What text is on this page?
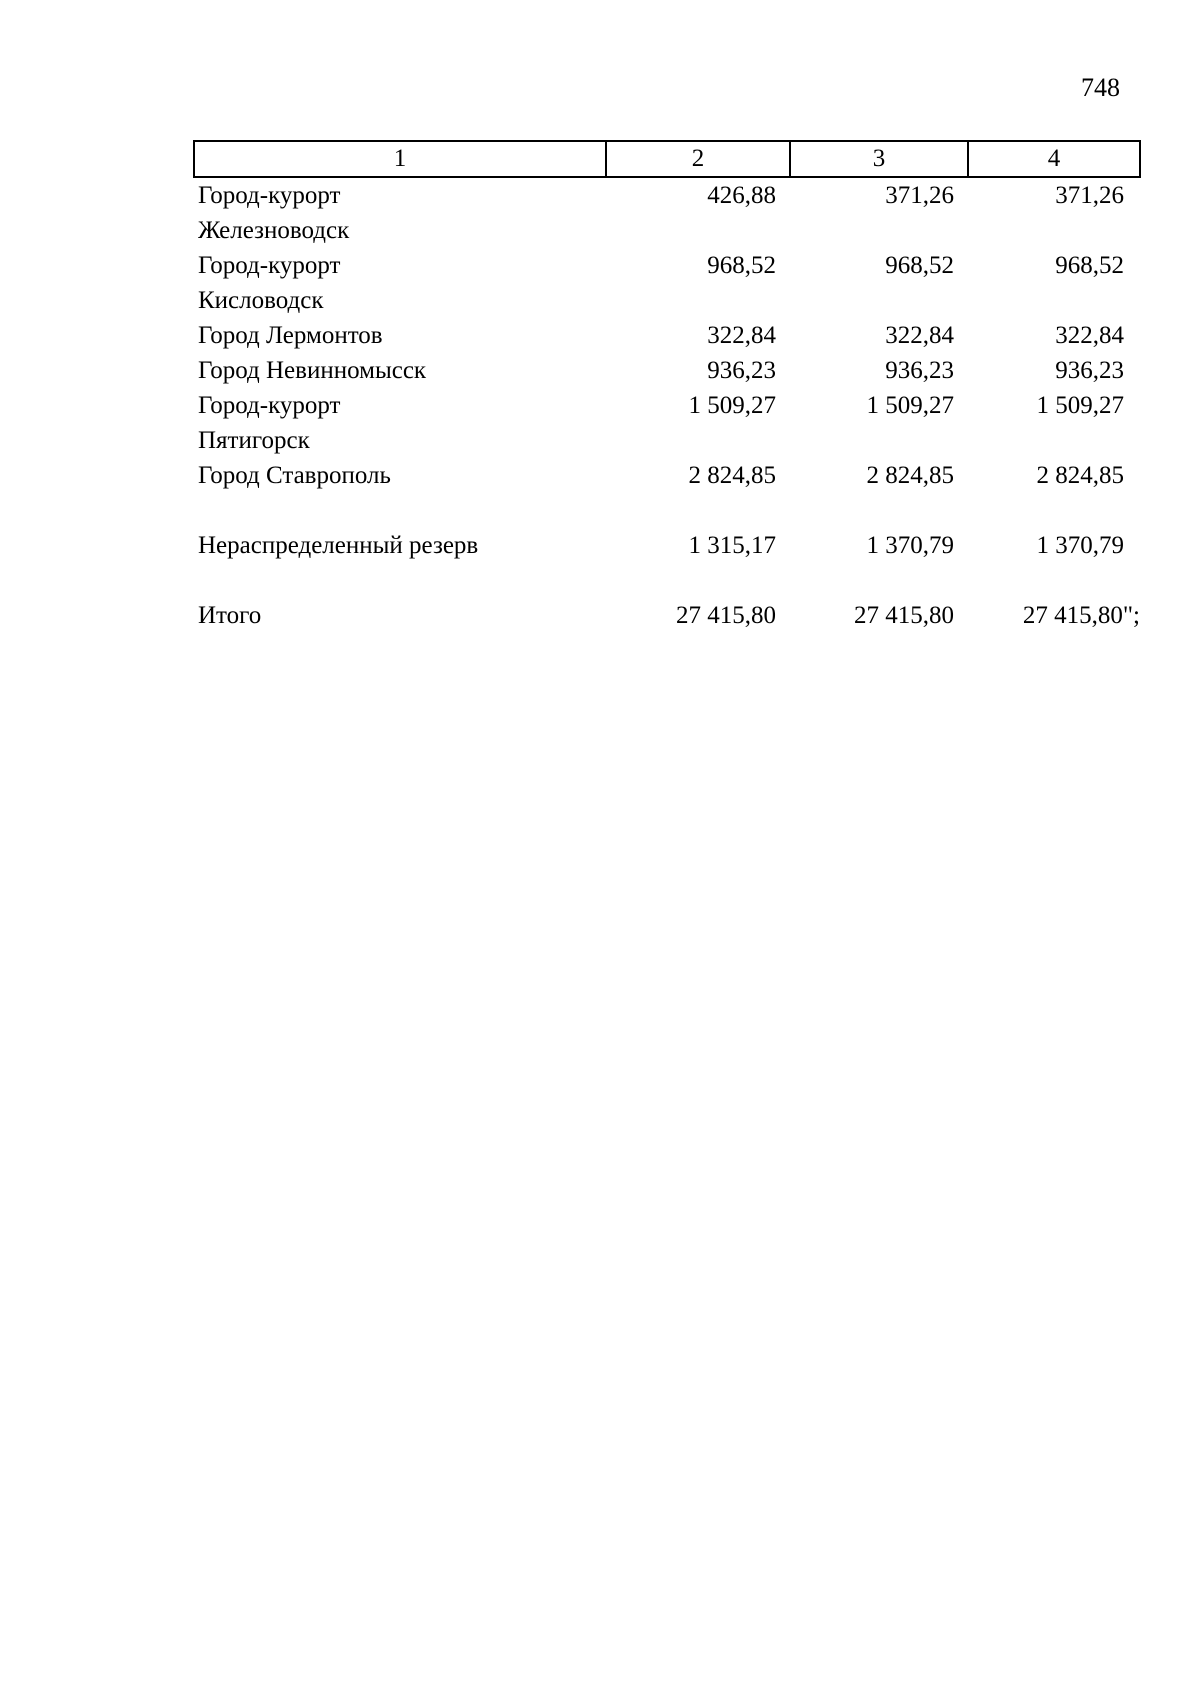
748
1	2	3	4
Город-курорт
Железноводск	426,88	371,26	371,26
Город-курорт
Кисловодск	968,52	968,52	968,52
Город Лермонтов	322,84	322,84	322,84
Город Невинномысск	936,23	936,23	936,23
Город-курорт
Пятигорск	1 509,27	1 509,27	1 509,27
Город Ставрополь	2 824,85	2 824,85	2 824,85

Нераспределенный резерв	1 315,17	1 370,79	1 370,79

Итого	27 415,80	27 415,80	27 415,80";
